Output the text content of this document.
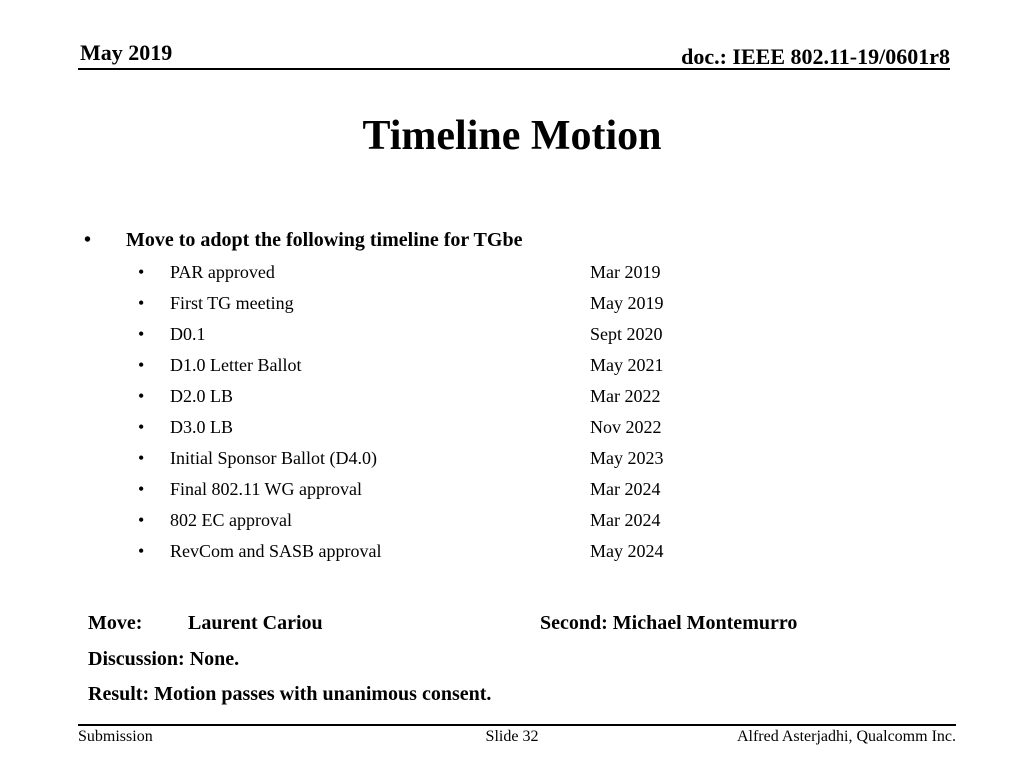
May 2019	doc.: IEEE 802.11-19/0601r8
Timeline Motion
• Move to adopt the following timeline for TGbe
• PAR approved	Mar 2019
• First TG meeting	May 2019
• D0.1	Sept 2020
• D1.0 Letter Ballot	May 2021
• D2.0 LB	Mar 2022
• D3.0 LB	Nov 2022
• Initial Sponsor Ballot (D4.0)	May 2023
• Final 802.11 WG approval	Mar 2024
• 802 EC approval	Mar 2024
• RevCom and SASB approval	May 2024
Move: Laurent Cariou	Second: Michael Montemurro
Discussion: None.
Result: Motion passes with unanimous consent.
Submission	Slide 32	Alfred Asterjadhi, Qualcomm Inc.
